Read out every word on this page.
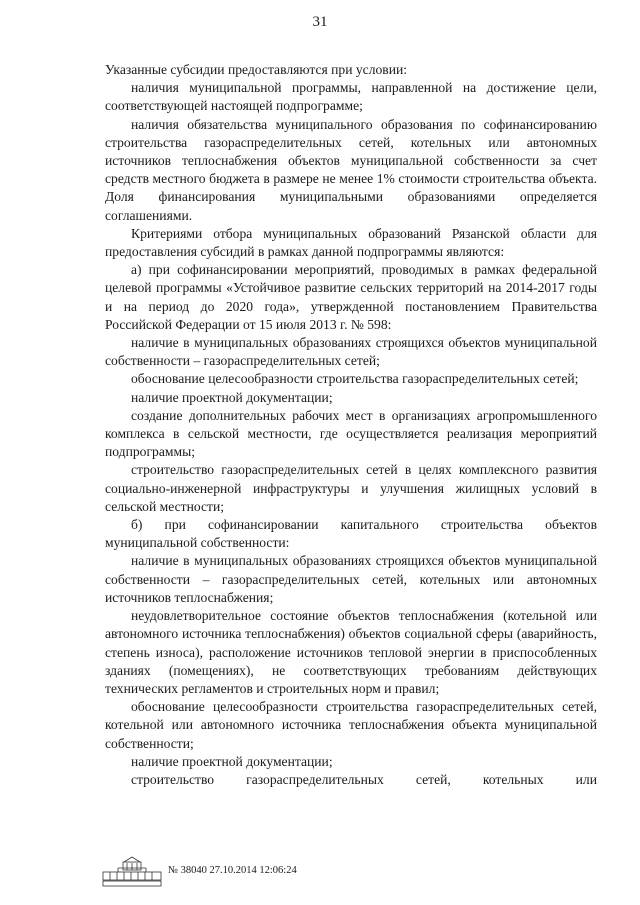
31

Указанные субсидии предоставляются при условии:

наличия муниципальной программы, направленной на достижение цели, соответствующей настоящей подпрограмме;

наличия обязательства муниципального образования по софинансированию строительства газораспределительных сетей, котельных или автономных источников теплоснабжения объектов муниципальной собственности за счет средств местного бюджета в размере не менее 1% стоимости строительства объекта. Доля финансирования муниципальными образованиями определяется соглашениями.

Критериями отбора муниципальных образований Рязанской области для предоставления субсидий в рамках данной подпрограммы являются:

а) при софинансировании мероприятий, проводимых в рамках федеральной целевой программы «Устойчивое развитие сельских территорий на 2014-2017 годы и на период до 2020 года», утвержденной постановлением Правительства Российской Федерации от 15 июля 2013 г. № 598:

наличие в муниципальных образованиях строящихся объектов муниципальной собственности – газораспределительных сетей;

обоснование целесообразности строительства газораспределительных сетей;

наличие проектной документации;

создание дополнительных рабочих мест в организациях агропромышленного комплекса в сельской местности, где осуществляется реализация мероприятий подпрограммы;

строительство газораспределительных сетей в целях комплексного развития социально-инженерной инфраструктуры и улучшения жилищных условий в сельской местности;

б) при софинансировании капитального строительства объектов муниципальной собственности:

наличие в муниципальных образованиях строящихся объектов муниципальной собственности – газораспределительных сетей, котельных или автономных источников теплоснабжения;

неудовлетворительное состояние объектов теплоснабжения (котельной или автономного источника теплоснабжения) объектов социальной сферы (аварийность, степень износа), расположение источников тепловой энергии в приспособленных зданиях (помещениях), не соответствующих требованиям действующих технических регламентов и строительных норм и правил;

обоснование целесообразности строительства газораспределительных сетей, котельной или автономного источника теплоснабжения объекта муниципальной собственности;

наличие проектной документации;

строительство газораспределительных сетей, котельных или

№ 38040 27.10.2014 12:06:24
